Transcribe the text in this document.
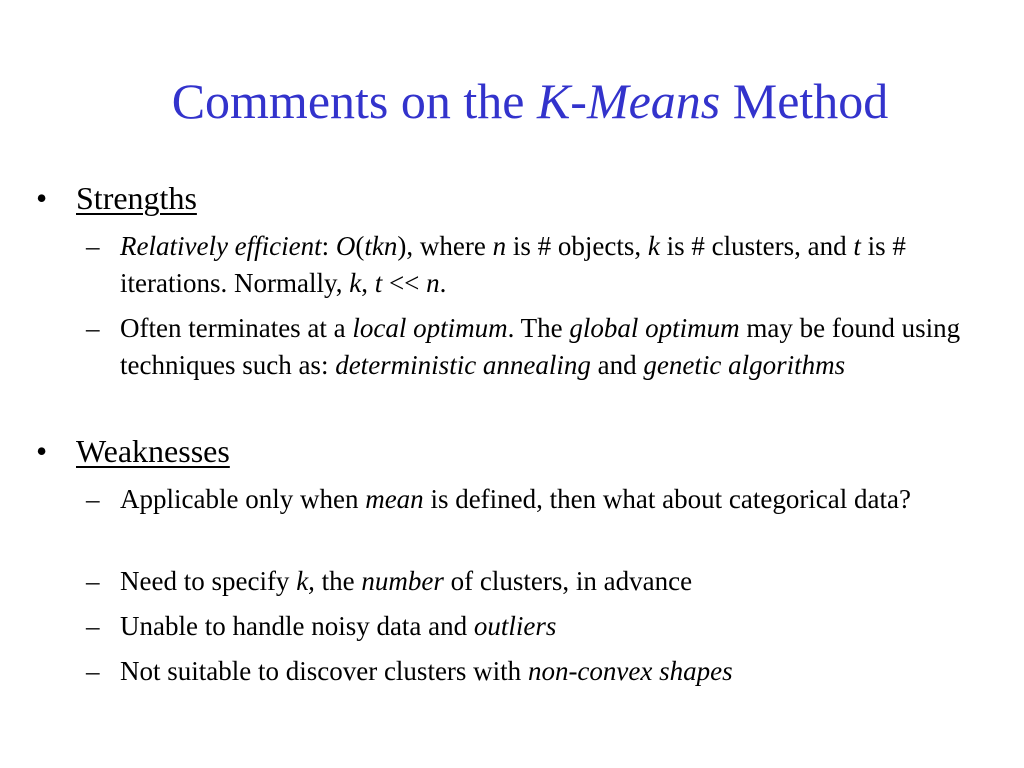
Comments on the K-Means Method
• Strengths
– Relatively efficient: O(tkn), where n is # objects, k is # clusters, and t is # iterations. Normally, k, t << n.
– Often terminates at a local optimum. The global optimum may be found using techniques such as: deterministic annealing and genetic algorithms
• Weaknesses
– Applicable only when mean is defined, then what about categorical data?
– Need to specify k, the number of clusters, in advance
– Unable to handle noisy data and outliers
– Not suitable to discover clusters with non-convex shapes
